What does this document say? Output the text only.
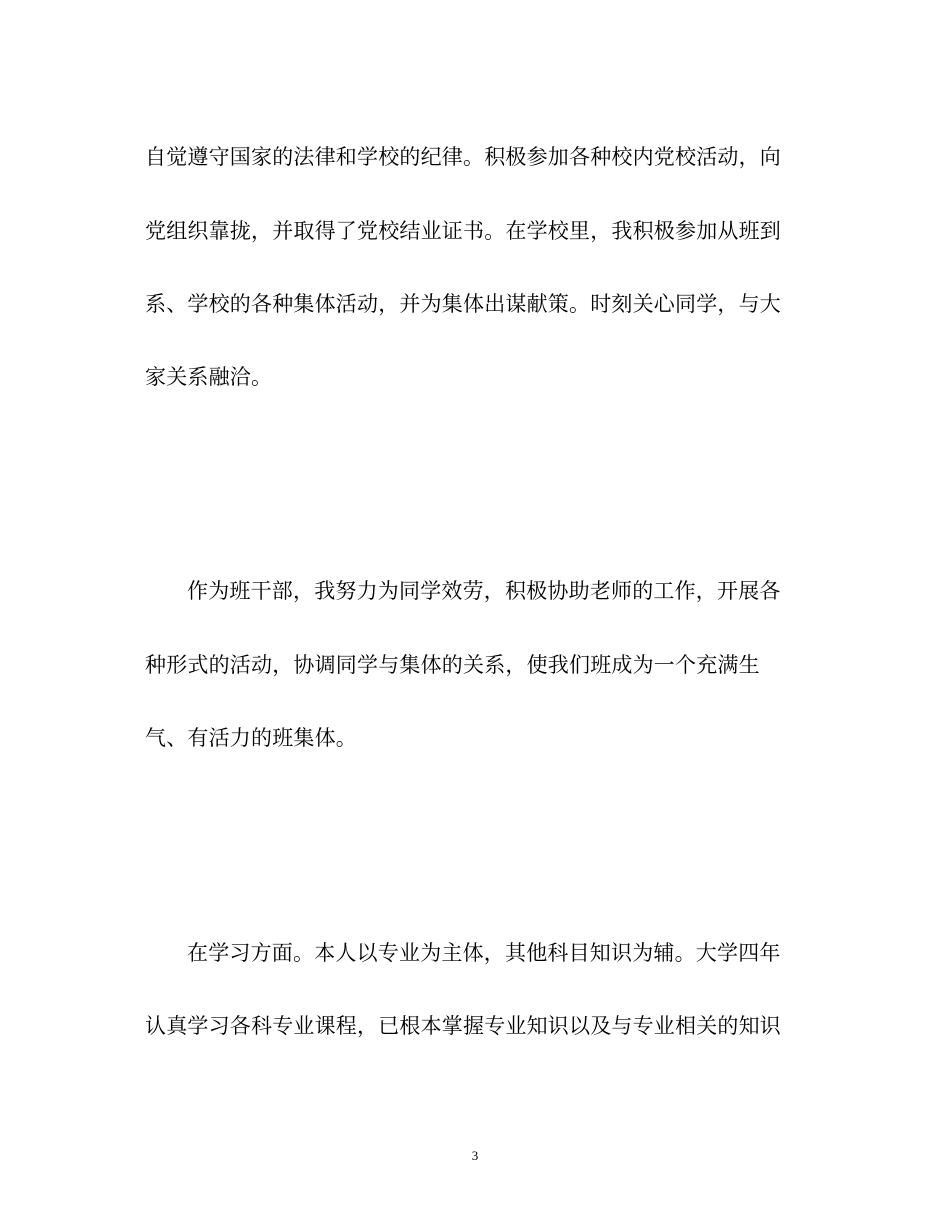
自觉遵守国家的法律和学校的纪律。积极参加各种校内党校活动，向
党组织靠拢，并取得了党校结业证书。在学校里，我积极参加从班到
系、学校的各种集体活动，并为集体出谋献策。时刻关心同学，与大
家关系融洽。
作为班干部，我努力为同学效劳，积极协助老师的工作，开展各
种形式的活动，协调同学与集体的关系，使我们班成为一个充满生
气、有活力的班集体。
在学习方面。本人以专业为主体，其他科目知识为辅。大学四年
认真学习各科专业课程，已根本掌握专业知识以及与专业相关的知识
3
